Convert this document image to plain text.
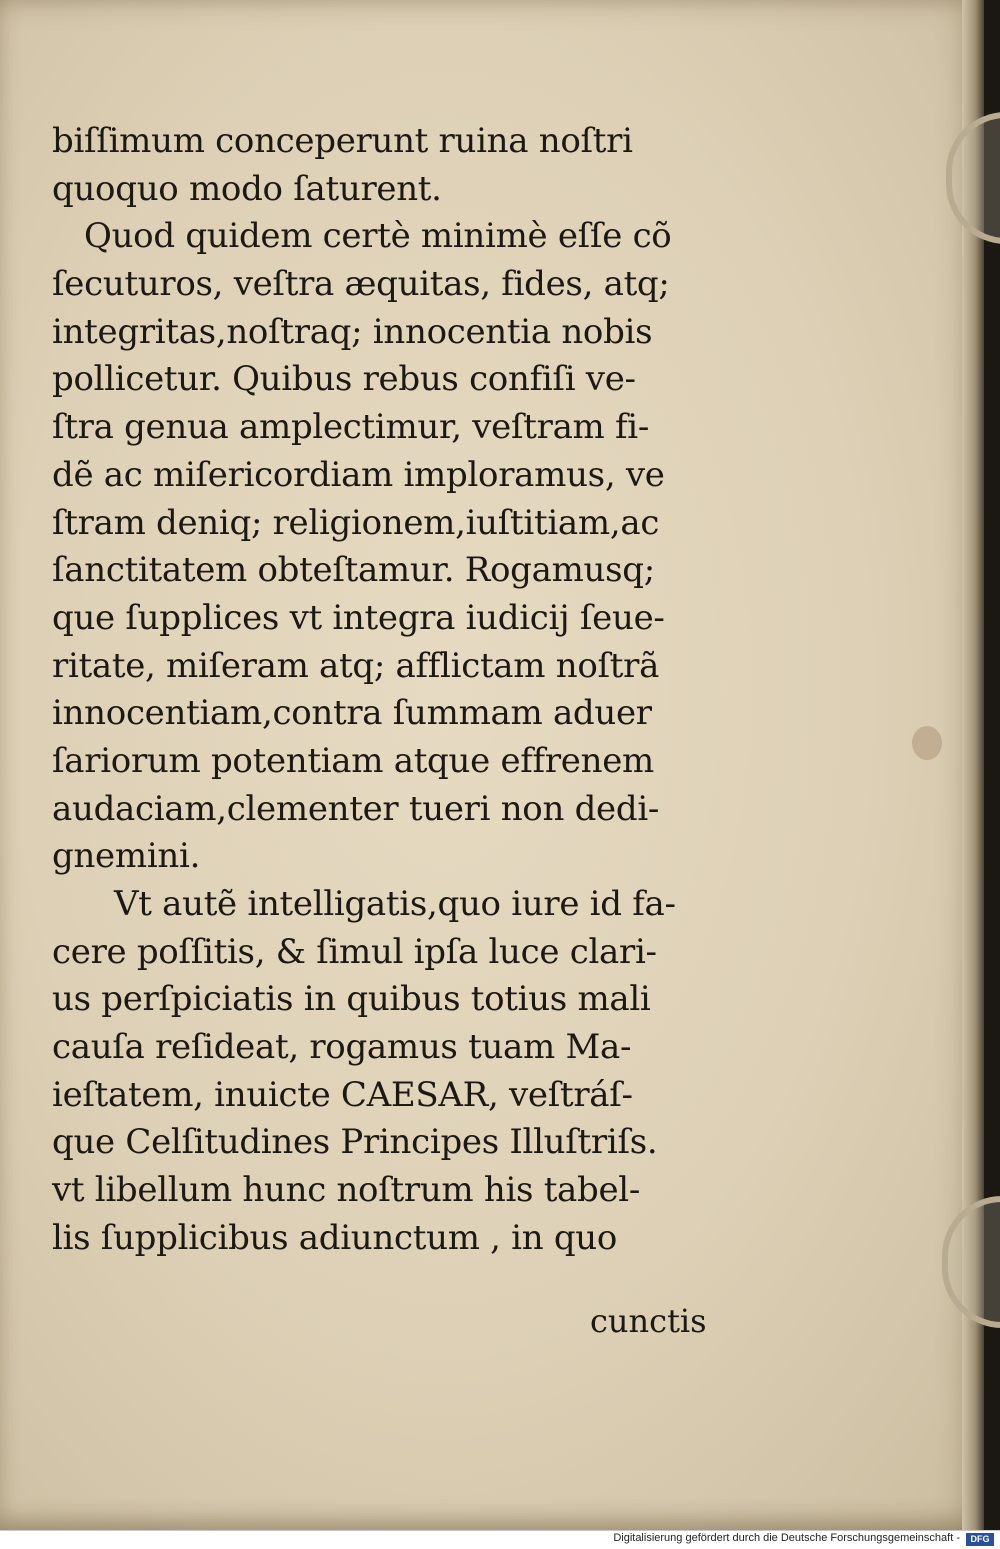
biſſimum conceperunt ruina noſtri
quoquo modo ſaturent.
Quod quidem certè minimè eſſe cõ
ſecuturos, veſtra æquitas, fides, atq;
integritas,noſtraq; innocentia nobis
pollicetur. Quibus rebus confiſi ve-
ſtra genua amplectimur, veſtram fi-
dẽ ac miſericordiam imploramus, ve
ſtram deniq; religionem,iuſtitiam,ac
ſanctitatem obteſtamur. Rogamusq;
que ſupplices vt integra iudicij ſeue-
ritate, miſeram atq; afflictam noſtrã
innocentiam,contra ſummam aduer
ſariorum potentiam atque effrenem
audaciam,clementer tueri non dedi-
gnemini.
Vt autẽ intelligatis,quo iure id fa-
cere poſſitis, & ſimul ipſa luce clari-
us perſpiciatis in quibus totius mali
cauſa reſideat, rogamus tuam Ma-
ieſtatem, inuicte CAESAR, veſtráſ-
que Celſitudines Principes Illuſtriſs.
vt libellum hunc noſtrum his tabel-
lis ſupplicibus adiunctum , in quo
cunctis
Digitalisierung gefördert durch die Deutsche Forschungsgemeinschaft -	DFG
